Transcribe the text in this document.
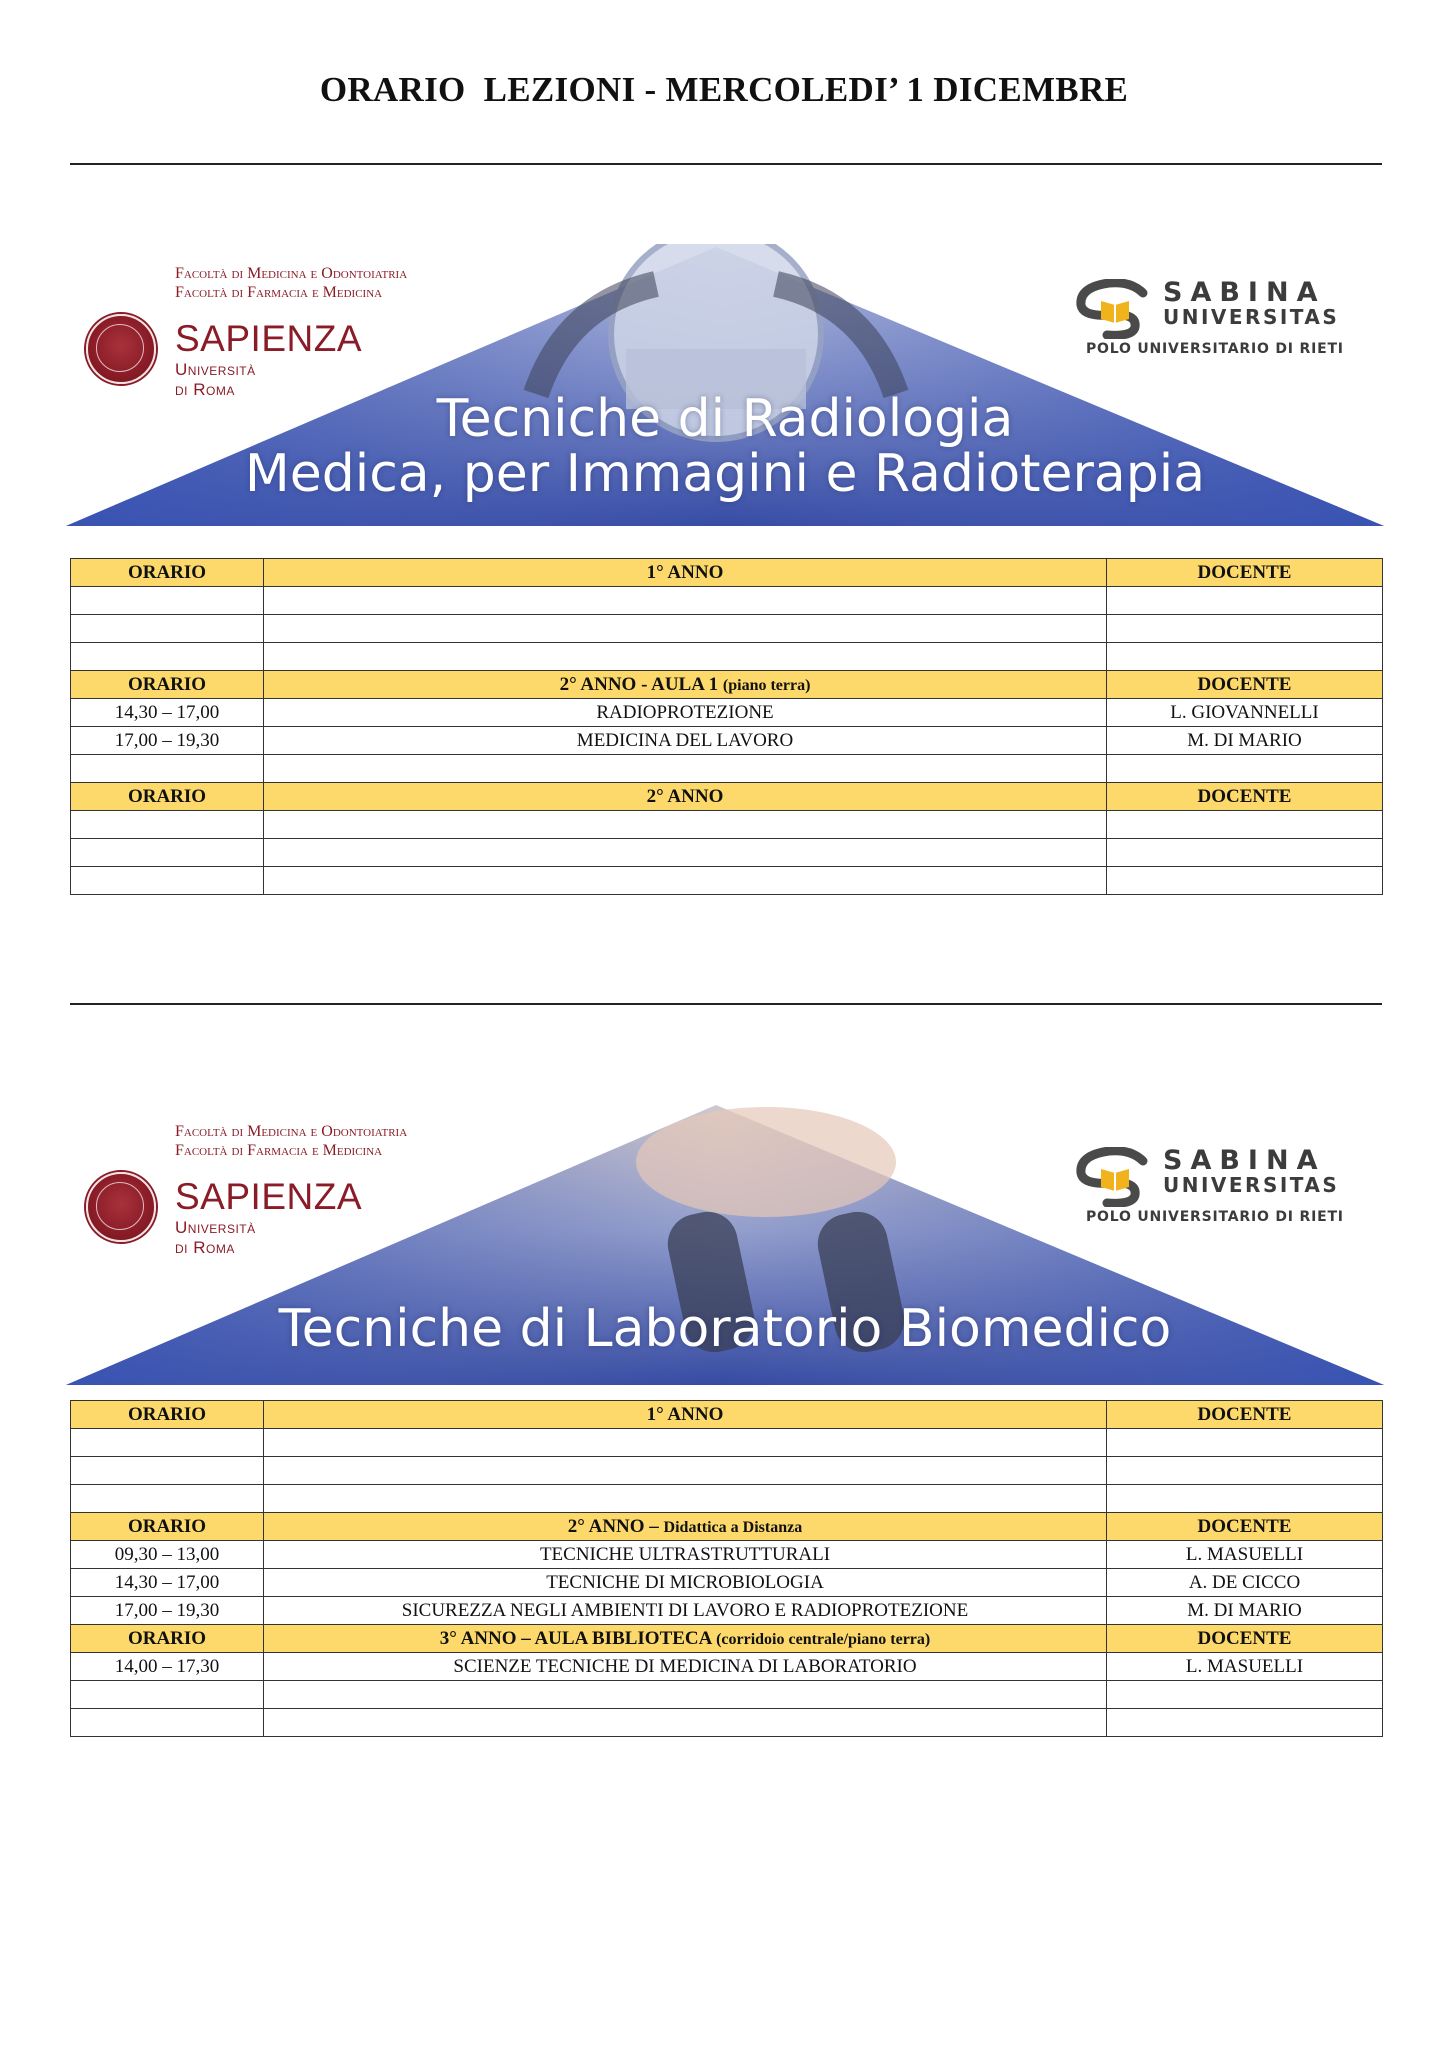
ORARIO  LEZIONI - MERCOLEDI’ 1 DICEMBRE
Tecniche di Radiologia
Medica, per Immagini e Radioterapia
Facoltà di Medicina e Odontoiatria
Facoltà di Farmacia e Medicina
SAPIENZA
Università di Roma
SABINA
UNIVERSITAS
POLO UNIVERSITARIO DI RIETI
ORARIO	1° ANNO	DOCENTE

ORARIO	2° ANNO - AULA 1 (piano terra)	DOCENTE
14,30 – 17,00	RADIOPROTEZIONE	L. GIOVANNELLI
17,00 – 19,30	MEDICINA DEL LAVORO	M. DI MARIO

ORARIO	2° ANNO	DOCENTE

Tecniche di Laboratorio Biomedico
Facoltà di Medicina e Odontoiatria
Facoltà di Farmacia e Medicina
SAPIENZA
Università di Roma
SABINA
UNIVERSITAS
POLO UNIVERSITARIO DI RIETI
ORARIO	1° ANNO	DOCENTE

ORARIO	2° ANNO – Didattica a Distanza	DOCENTE
09,30 – 13,00	TECNICHE ULTRASTRUTTURALI	L. MASUELLI
14,30 – 17,00	TECNICHE DI MICROBIOLOGIA	A. DE CICCO
17,00 – 19,30	SICUREZZA NEGLI AMBIENTI DI LAVORO E RADIOPROTEZIONE	M. DI MARIO
ORARIO	3° ANNO – AULA BIBLIOTECA (corridoio centrale/piano terra)	DOCENTE
14,00 – 17,30	SCIENZE TECNICHE DI MEDICINA DI LABORATORIO	L. MASUELLI
